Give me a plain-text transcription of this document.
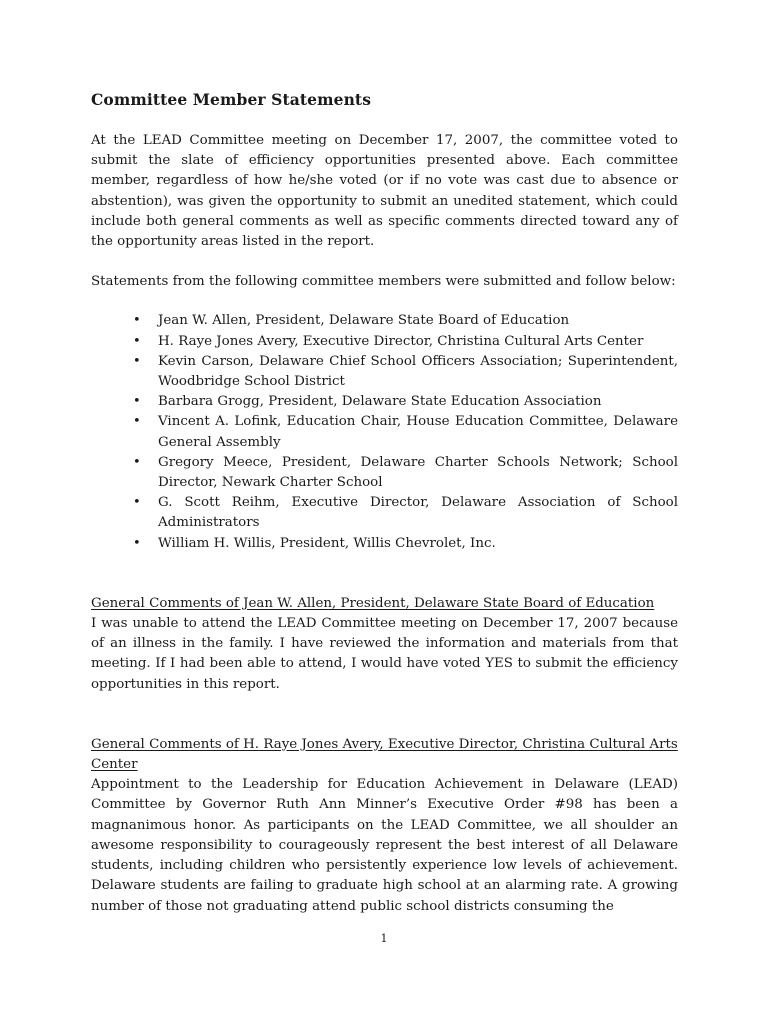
Committee Member Statements

At the LEAD Committee meeting on December 17, 2007, the committee voted to submit the slate of efficiency opportunities presented above. Each committee member, regardless of how he/she voted (or if no vote was cast due to absence or abstention), was given the opportunity to submit an unedited statement, which could include both general comments as well as specific comments directed toward any of the opportunity areas listed in the report.

Statements from the following committee members were submitted and follow below:

• Jean W. Allen, President, Delaware State Board of Education
• H. Raye Jones Avery, Executive Director, Christina Cultural Arts Center
• Kevin Carson, Delaware Chief School Officers Association; Superintendent, Woodbridge School District
• Barbara Grogg, President, Delaware State Education Association
• Vincent A. Lofink, Education Chair, House Education Committee, Delaware General Assembly
• Gregory Meece, President, Delaware Charter Schools Network; School Director, Newark Charter School
• G. Scott Reihm, Executive Director, Delaware Association of School Administrators
• William H. Willis, President, Willis Chevrolet, Inc.
General Comments of Jean W. Allen, President, Delaware State Board of Education

I was unable to attend the LEAD Committee meeting on December 17, 2007 because of an illness in the family. I have reviewed the information and materials from that meeting. If I had been able to attend, I would have voted YES to submit the efficiency opportunities in this report.

General Comments of H. Raye Jones Avery, Executive Director, Christina Cultural Arts Center

Appointment to the Leadership for Education Achievement in Delaware (LEAD) Committee by Governor Ruth Ann Minner’s Executive Order #98 has been a magnanimous honor. As participants on the LEAD Committee, we all shoulder an awesome responsibility to courageously represent the best interest of all Delaware students, including children who persistently experience low levels of achievement. Delaware students are failing to graduate high school at an alarming rate. A growing number of those not graduating attend public school districts consuming the

1
